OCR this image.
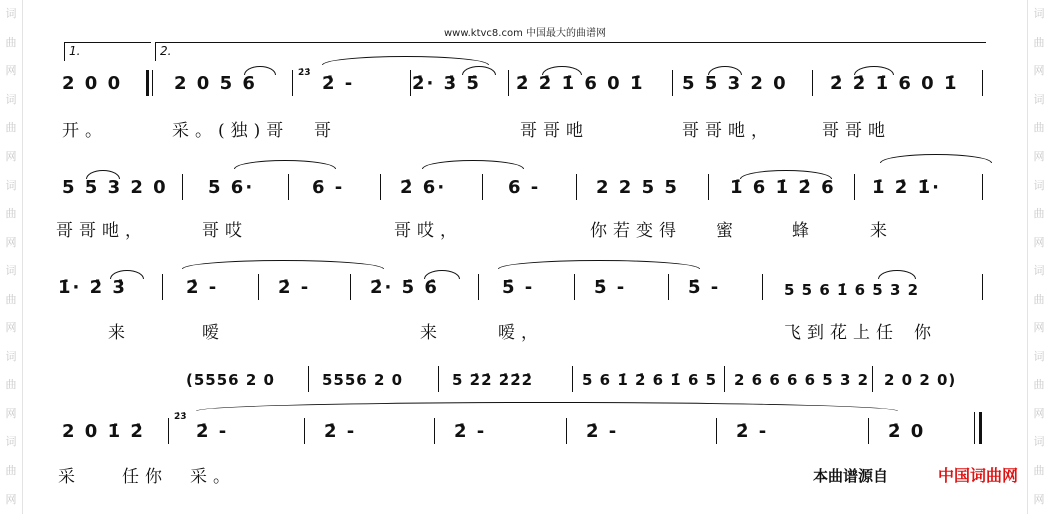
词
曲
网
词
曲
网
词
曲
网
词
曲
网
词
曲
网
词
曲
网
词
曲
网
词
曲
网
词
曲
网
词
曲
网
词
曲
网
词
曲
网
www.ktvc8.com 中国最大的曲谱网
1.	2.
2 0 0	2 0 5 6	2̇3̇ 2̇ -	2̇· 3̇ 5̇ 2̇ 2̇ 1̇ 6 0 1̇ 5 5 3 2 0 2̇ 2̇ 1̇ 6 0 1̇
开。	采。(独)哥 哥	哥哥吔	哥哥吔，	哥哥吔
5 5 3 2 0 5 6·	6 -	2̇ 6·	6 -	2 2 5 5	1̇ 6 1̇ 2̇ 6 1̇ 2̇ 1̇·
哥哥吔，	哥哎	哥哎，	你若变得 蜜	蜂	来
1̇· 2̇ 3̇	2̇ -	2̇ -	2̇· 5̇ 6̇	5̇ -	5̇ -	5̇ -	5 5 6 1̇ 6 5 3 2
来	嗳	来	嗳，	飞到花上任 你
(5556 2 0	5556 2 0	5 2̇2̇ 2̇2̇2̇	5 6 1̇ 2̇ 6 1̇ 6 5 2 6 6 6 6 5 3 2 2 0 2 0)
2 0 1̇ 2̇
2̇3̇
2̇ -	2̇ -	2̇ -	2̇ -	2̇ -	2̇ 0
采 任你 采。	本曲谱源自	中国词曲网
